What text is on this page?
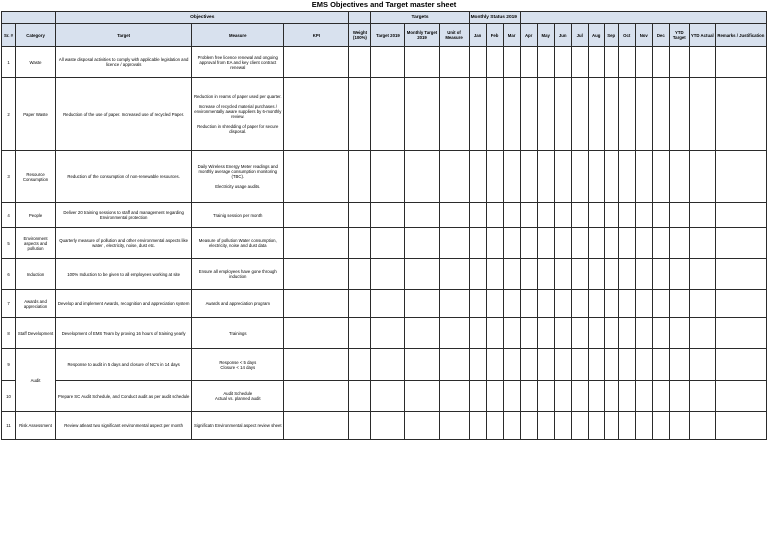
EMS Objectives and Target master sheet
		Objectives				Targets			Monthly Status 2019														
Sr. #	Category	Target	Measure	KPI	Weight (100%)	Target 2019	Monthly Target 2019	Unit of Measure	Jan	Feb	Mar	Apr	May	Jun	Jul	Aug	Sep	Oct	Nov	Dec	YTD Target	YTD Actual	Remarks / Justification
1	Waste	All waste disposal activities to comply with applicable legislation and licence / approvals	Problem free licence renewal and ongoing approval from EA and key client contract renewal																				
2	Paper Waste	Reduction of the use of paper. Increased use of recycled Paper.	Reduction in reams of paper used per quarter.

Increase of recycled material purchases / environmentally aware suppliers by 6-monthly review.

Reduction in shredding of paper for secure disposal.																				
3	Resource Consumption	Reduction of the consumption of non-renewable resources.	Daily Wireless Energy Meter readings and monthly average consumption monitoring (TBC).

Electricity usage audits.																				
4	People	Deliver 20 training sessions to staff and management regarding Environmental protection	Trainig session per month																				
5	Environment aspects and pollution	Quarterly measure of pollution and other environmental aspects like water , electricity, noise, dust etc.	Measure of pollution Water consumption, electricity, noise and dust data																				
6	Induction	100% Induction to be given to all employees working at site	Ensure all employees have gone through induction																				
7	Awards and appreciation	Develop and implement Awards, recognition and appreciation system	Awards and appreciation program																				
8	Staff Development	Development of EMS Team by proving 16 hours of training yearly	Trainings																				
9	Audit	Response to audit in 5 days and closure of NC's in 14 days	Response < 5 days
Closure < 14 days																				
10		Prepare SC Audit Schedule, and Conduct audit as per audit schedule	Audit Schedule
Actual vs. planned audit																				
11	Risk Assessment	Review atleast two significant environmental aspect per month	Significatn Environmental aspect review sheet																				
